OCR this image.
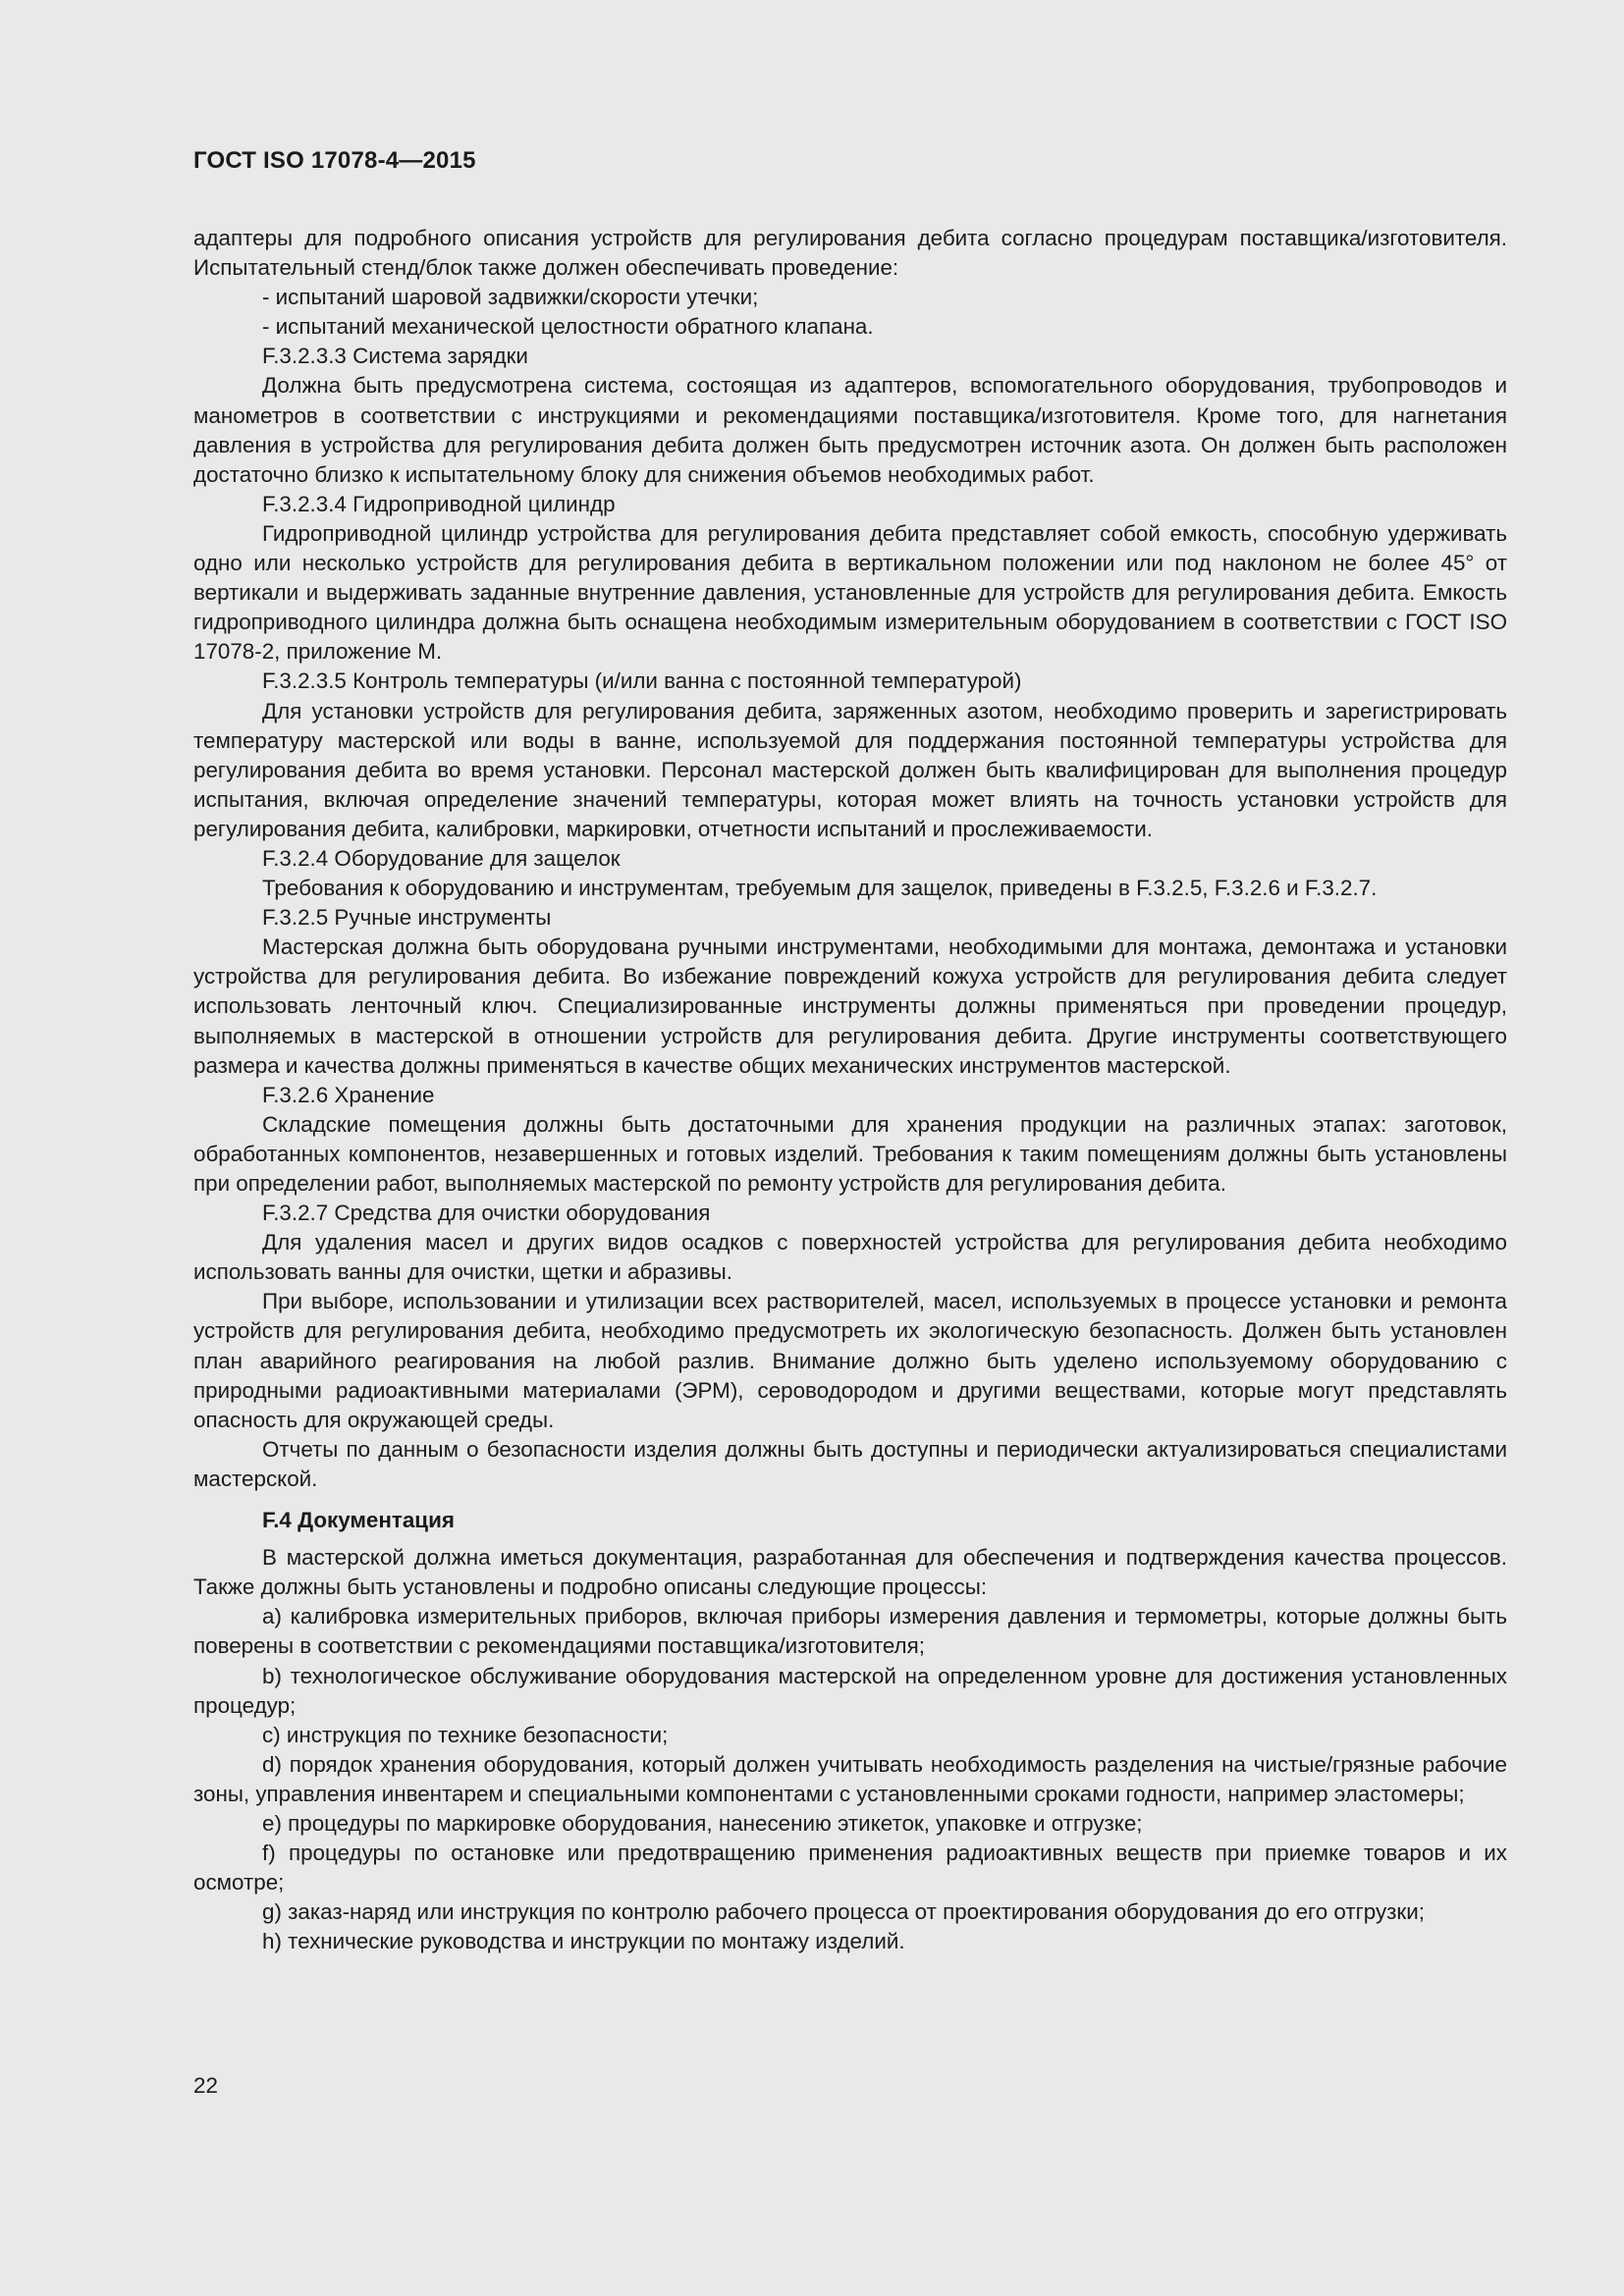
ГОСТ ISO 17078-4—2015

адаптеры для подробного описания устройств для регулирования дебита согласно процедурам поставщика/изготовителя. Испытательный стенд/блок также должен обеспечивать проведение:

- испытаний шаровой задвижки/скорости утечки;

- испытаний механической целостности обратного клапана.

F.3.2.3.3 Система зарядки

Должна быть предусмотрена система, состоящая из адаптеров, вспомогательного оборудования, трубопроводов и манометров в соответствии с инструкциями и рекомендациями поставщика/изготовителя. Кроме того, для нагнетания давления в устройства для регулирования дебита должен быть предусмотрен источник азота. Он должен быть расположен достаточно близко к испытательному блоку для снижения объемов необходимых работ.

F.3.2.3.4 Гидроприводной цилиндр

Гидроприводной цилиндр устройства для регулирования дебита представляет собой емкость, способную удерживать одно или несколько устройств для регулирования дебита в вертикальном положении или под наклоном не более 45° от вертикали и выдерживать заданные внутренние давления, установленные для устройств для регулирования дебита. Емкость гидроприводного цилиндра должна быть оснащена необходимым измерительным оборудованием в соответствии с ГОСТ ISO 17078-2, приложение М.

F.3.2.3.5 Контроль температуры (и/или ванна с постоянной температурой)

Для установки устройств для регулирования дебита, заряженных азотом, необходимо проверить и зарегистрировать температуру мастерской или воды в ванне, используемой для поддержания постоянной температуры устройства для регулирования дебита во время установки. Персонал мастерской должен быть квалифицирован для выполнения процедур испытания, включая определение значений температуры, которая может влиять на точность установки устройств для регулирования дебита, калибровки, маркировки, отчетности испытаний и прослеживаемости.

F.3.2.4 Оборудование для защелок

Требования к оборудованию и инструментам, требуемым для защелок, приведены в F.3.2.5, F.3.2.6 и F.3.2.7.

F.3.2.5 Ручные инструменты

Мастерская должна быть оборудована ручными инструментами, необходимыми для монтажа, демонтажа и установки устройства для регулирования дебита. Во избежание повреждений кожуха устройств для регулирования дебита следует использовать ленточный ключ. Специализированные инструменты должны применяться при проведении процедур, выполняемых в мастерской в отношении устройств для регулирования дебита. Другие инструменты соответствующего размера и качества должны применяться в качестве общих механических инструментов мастерской.

F.3.2.6 Хранение

Складские помещения должны быть достаточными для хранения продукции на различных этапах: заготовок, обработанных компонентов, незавершенных и готовых изделий. Требования к таким помещениям должны быть установлены при определении работ, выполняемых мастерской по ремонту устройств для регулирования дебита.

F.3.2.7 Средства для очистки оборудования

Для удаления масел и других видов осадков с поверхностей устройства для регулирования дебита необходимо использовать ванны для очистки, щетки и абразивы.

При выборе, использовании и утилизации всех растворителей, масел, используемых в процессе установки и ремонта устройств для регулирования дебита, необходимо предусмотреть их экологическую безопасность. Должен быть установлен план аварийного реагирования на любой разлив. Внимание должно быть уделено используемому оборудованию с природными радиоактивными материалами (ЭРМ), сероводородом и другими веществами, которые могут представлять опасность для окружающей среды.

Отчеты по данным о безопасности изделия должны быть доступны и периодически актуализироваться специалистами мастерской.

F.4 Документация

В мастерской должна иметься документация, разработанная для обеспечения и подтверждения качества процессов. Также должны быть установлены и подробно описаны следующие процессы:

a) калибровка измерительных приборов, включая приборы измерения давления и термометры, которые должны быть поверены в соответствии с рекомендациями поставщика/изготовителя;

b) технологическое обслуживание оборудования мастерской на определенном уровне для достижения установленных процедур;

c) инструкция по технике безопасности;

d) порядок хранения оборудования, который должен учитывать необходимость разделения на чистые/грязные рабочие зоны, управления инвентарем и специальными компонентами с установленными сроками годности, например эластомеры;

e) процедуры по маркировке оборудования, нанесению этикеток, упаковке и отгрузке;

f) процедуры по остановке или предотвращению применения радиоактивных веществ при приемке товаров и их осмотре;

g) заказ-наряд или инструкция по контролю рабочего процесса от проектирования оборудования до его отгрузки;

h) технические руководства и инструкции по монтажу изделий.

22
